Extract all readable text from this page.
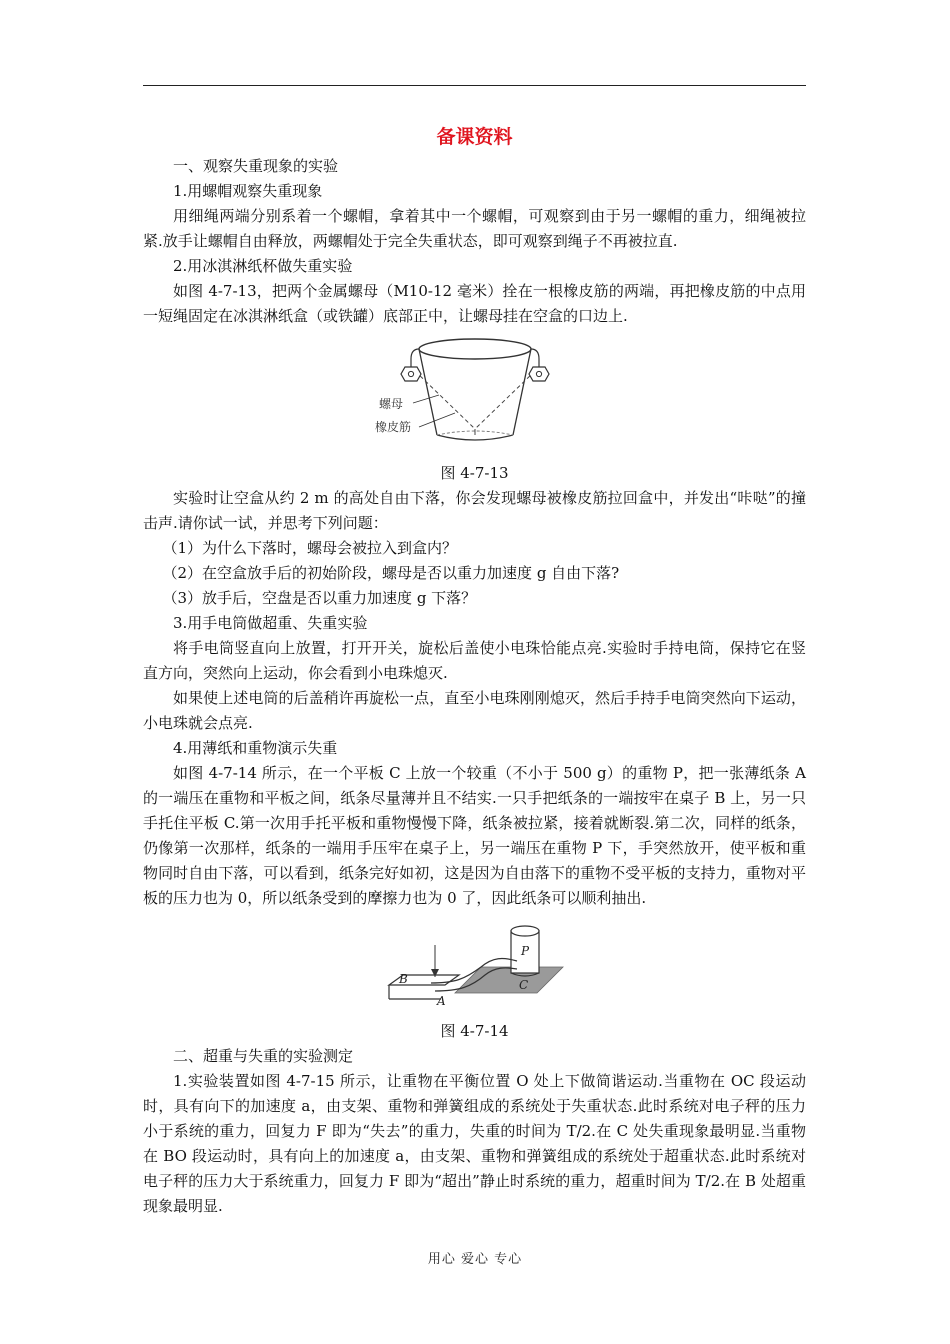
备课资料

一、观察失重现象的实验

1.用螺帽观察失重现象

用细绳两端分别系着一个螺帽，拿着其中一个螺帽，可观察到由于另一螺帽的重力，细绳被拉紧.放手让螺帽自由释放，两螺帽处于完全失重状态，即可观察到绳子不再被拉直.

2.用冰淇淋纸杯做失重实验

如图 4-7-13，把两个金属螺母（M10-12 毫米）拴在一根橡皮筋的两端，再把橡皮筋的中点用一短绳固定在冰淇淋纸盒（或铁罐）底部正中，让螺母挂在空盒的口边上.

螺母
橡皮筋

图 4-7-13

实验时让空盒从约 2 m 的高处自由下落，你会发现螺母被橡皮筋拉回盒中，并发出“咔哒”的撞击声.请你试一试，并思考下列问题：

（1）为什么下落时，螺母会被拉入到盒内？

（2）在空盒放手后的初始阶段，螺母是否以重力加速度 g 自由下落?

（3）放手后，空盘是否以重力加速度 g 下落？

3.用手电筒做超重、失重实验

将手电筒竖直向上放置，打开开关，旋松后盖使小电珠恰能点亮.实验时手持电筒，保持它在竖直方向，突然向上运动，你会看到小电珠熄灭.

如果使上述电筒的后盖稍许再旋松一点，直至小电珠刚刚熄灭，然后手持手电筒突然向下运动，小电珠就会点亮.

4.用薄纸和重物演示失重

如图 4-7-14 所示，在一个平板 C 上放一个较重（不小于 500 g）的重物 P，把一张薄纸条 A 的一端压在重物和平板之间，纸条尽量薄并且不结实.一只手把纸条的一端按牢在桌子 B 上，另一只手托住平板 C.第一次用手托平板和重物慢慢下降，纸条被拉紧，接着就断裂.第二次，同样的纸条，仍像第一次那样，纸条的一端用手压牢在桌子上，另一端压在重物 P 下，手突然放开，使平板和重物同时自由下落，可以看到，纸条完好如初，这是因为自由落下的重物不受平板的支持力，重物对平板的压力也为 0，所以纸条受到的摩擦力也为 0 了，因此纸条可以顺利抽出.

P
B
A
C

图 4-7-14

二、超重与失重的实验测定

1.实验装置如图 4-7-15 所示，让重物在平衡位置 O 处上下做简谐运动.当重物在 OC 段运动时，具有向下的加速度 a，由支架、重物和弹簧组成的系统处于失重状态.此时系统对电子秤的压力小于系统的重力，回复力 F 即为“失去”的重力，失重的时间为 T/2.在 C 处失重现象最明显.当重物在 BO 段运动时，具有向上的加速度 a，由支架、重物和弹簧组成的系统处于超重状态.此时系统对电子秤的压力大于系统重力，回复力 F 即为“超出”静止时系统的重力，超重时间为 T/2.在 B 处超重现象最明显.

用心 爱心 专心
